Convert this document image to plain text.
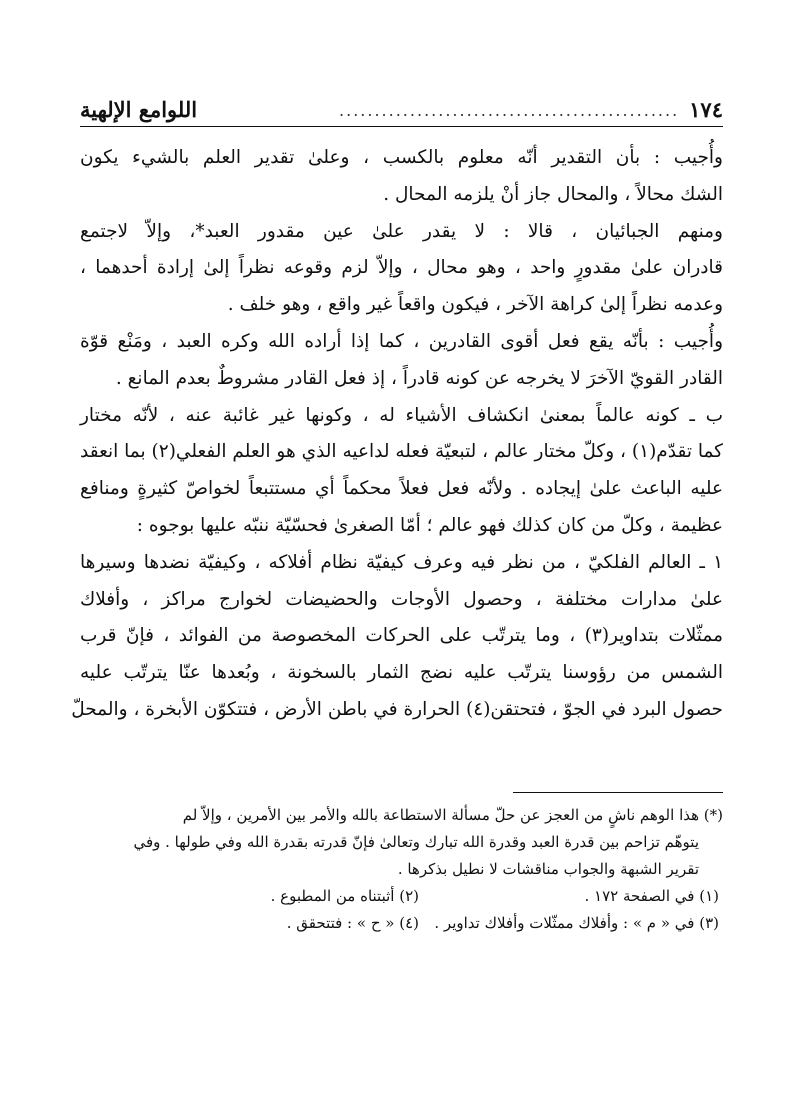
١٧٤
................................................
اللوامع الإلهية
وأُجيب : بأن التقدير أنّه معلوم بالكسب ، وعلىٰ تقدير العلم بالشيء يكون
الشك محالاً ، والمحال جاز أنْ يلزمه المحال .
ومنهم الجبائيان ، قالا : لا يقدر علىٰ عين مقدور العبد*، وإلاّ لاجتمع
قادران علىٰ مقدورٍ واحد ، وهو محال ، وإلاّ لزم وقوعه نظراً إلىٰ إرادة أحدهما ،
وعدمه نظراً إلىٰ كراهة الآخر ، فيكون واقعاً غير واقع ، وهو خلف .
وأُجيب : بأنّه يقع فعل أقوى القادرين ، كما إذا أراده الله وكره العبد ، ومَنْع قوّة
القادر القويّ الآخرَ لا يخرجه عن كونه قادراً ، إذ فعل القادر مشروطٌ بعدم المانع .
ب ـ كونه عالماً بمعنىٰ انكشاف الأشياء له ، وكونها غير غائبة عنه ، لأنّه مختار
كما تقدّم(١) ، وكلّ مختار عالم ، لتبعيّة فعله لداعيه الذي هو العلم الفعلي(٢) بما انعقد
عليه الباعث علىٰ إيجاده . ولأنّه فعل فعلاً محكماً أي مستتبعاً لخواصّ كثيرةٍ ومنافع
عظيمة ، وكلّ من كان كذلك فهو عالم ؛ أمّا الصغرىٰ فحسّيّة ننبّه عليها بوجوه :
١ ـ العالم الفلكيّ ، من نظر فيه وعرف كيفيّة نظام أفلاكه ، وكيفيّة نضدها وسيرها
علىٰ مدارات مختلفة ، وحصول الأوجات والحضيضات لخوارج مراكز ، وأفلاك
ممثّلات بتداوير(٣) ، وما يترتّب على الحركات المخصوصة من الفوائد ، فإنّ قرب
الشمس من رؤوسنا يترتّب عليه نضج الثمار بالسخونة ، وبُعدها عنّا يترتّب عليه
حصول البرد في الجوّ ، فتحتقن(٤) الحرارة في باطن الأرض ، فتتكوّن الأبخرة ، والمحلّ
(*) هذا الوهم ناشٍ من العجز عن حلّ مسألة الاستطاعة بالله والأمر بين الأمرين ، وإلاّ لم
يتوهّم تزاحم بين قدرة العبد وقدرة الله تبارك وتعالىٰ فإنّ قدرته بقدرة الله وفي طولها . وفي
تقرير الشبهة والجواب مناقشات لا نطيل بذكرها .
(١) في الصفحة ١٧٢ .
(٢) أثبتناه من المطبوع .
(٣) في « م » : وأفلاك ممثّلات وأفلاك تداوير .
(٤) « ح » : فتتحقق .
